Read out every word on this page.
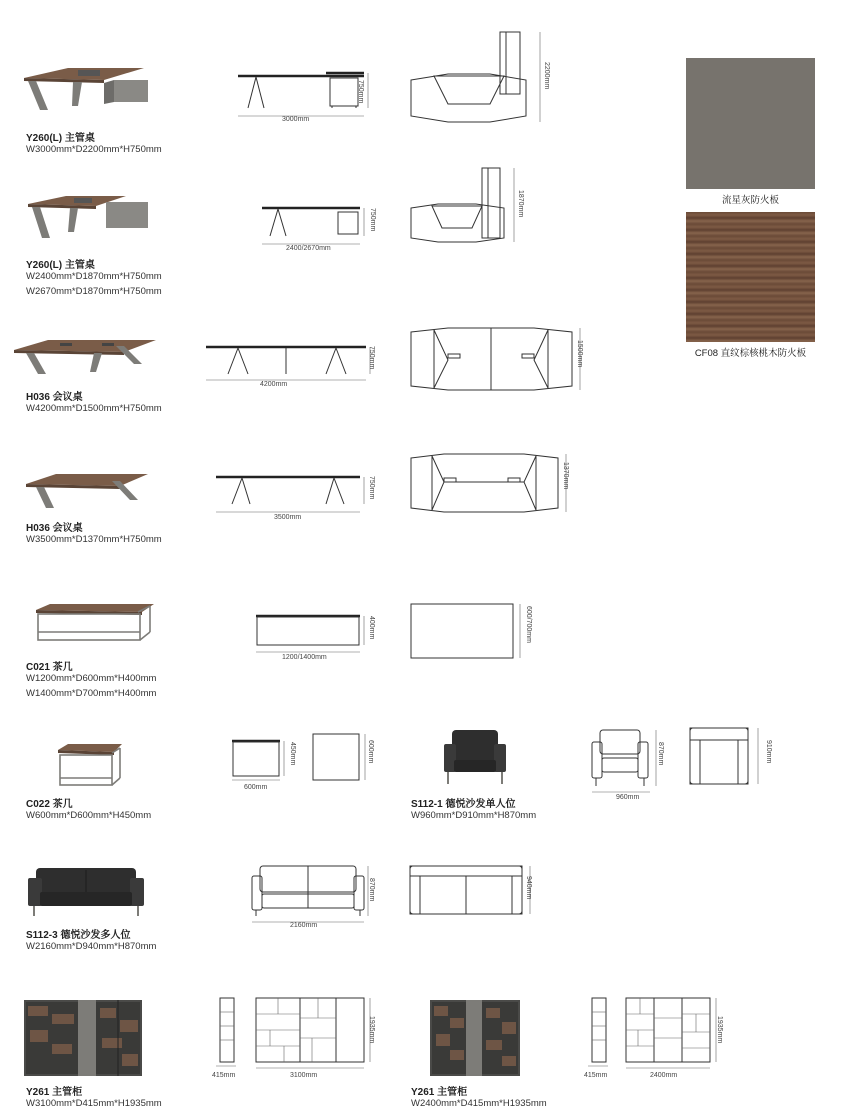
Y260(L) 主管桌
W3000mm*D2200mm*H750mm
3000mm
750mm
2200mm
流星灰防火板
CF08 直纹棕核桃木防火板
Y260(L) 主管桌
W2400mm*D1870mm*H750mm
W2670mm*D1870mm*H750mm
2400/2670mm
750mm
1870mm
H036 会议桌
W4200mm*D1500mm*H750mm
4200mm
750mm	1500mm
H036 会议桌
W3500mm*D1370mm*H750mm
3500mm
750mm	1370mm
C021 茶几
W1200mm*D600mm*H400mm
W1400mm*D700mm*H400mm
1200/1400mm
400mm	600/700mm
C022 茶几
W600mm*D600mm*H450mm
600mm
450mm	600mm
S112-1 德悦沙发单人位
W960mm*D910mm*H870mm
960mm
870mm	910mm
S112-3 德悦沙发多人位
W2160mm*D940mm*H870mm
2160mm
870mm	940mm
Y261 主管柜
W3100mm*D415mm*H1935mm
415mm	3100mm
1935mm
Y261 主管柜
W2400mm*D415mm*H1935mm
415mm	2400mm
1935mm
